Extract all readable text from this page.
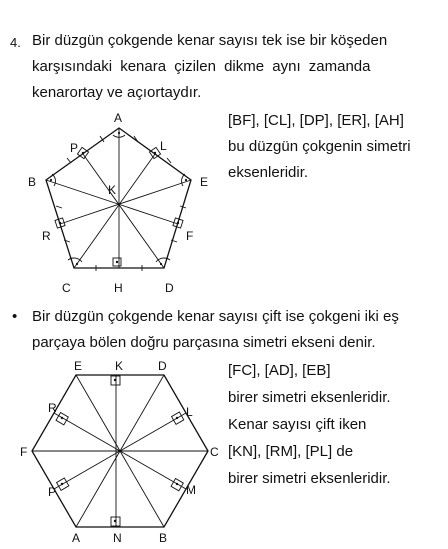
4. Bir düzgün çokgende kenar sayısı tek ise bir köşeden
karşısındaki kenara çizilen dikme aynı zamanda
kenarortay ve açıortaydır.
[BF], [CL], [DP], [ER], [AH]
bu düzgün çokgenin simetri
eksenleridir.
A
P	L
B	E
K
R	F
C	H	D
• Bir düzgün çokgende kenar sayısı çift ise çokgeni iki eş
parçaya bölen doğru parçasına simetri ekseni denir.
[FC], [AD], [EB]
birer simetri eksenleridir.
Kenar sayısı çift iken
[KN], [RM], [PL] de
birer simetri eksenleridir.
E	K	D
R	L
F	C
P	M
A	N	B
